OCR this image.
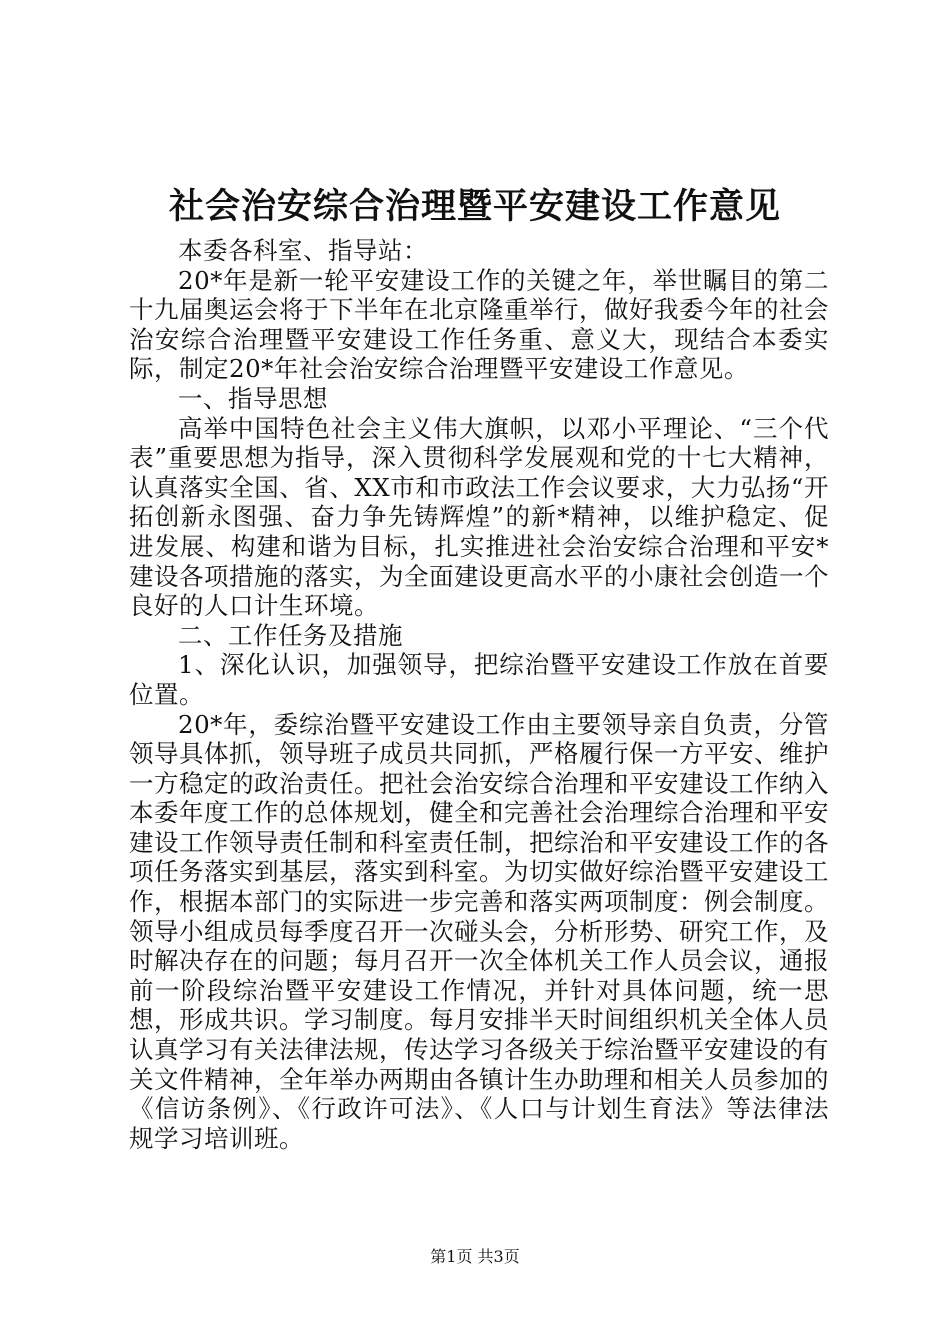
社会治安综合治理暨平安建设工作意见

本委各科室、指导站：

20*年是新一轮平安建设工作的关键之年，举世瞩目的第二十九届奥运会将于下半年在北京隆重举行，做好我委今年的社会治安综合治理暨平安建设工作任务重、意义大，现结合本委实际，制定20*年社会治安综合治理暨平安建设工作意见。

一、指导思想

高举中国特色社会主义伟大旗帜，以邓小平理论、“三个代表”重要思想为指导，深入贯彻科学发展观和党的十七大精神，认真落实全国、省、XX市和市政法工作会议要求，大力弘扬“开拓创新永图强、奋力争先铸辉煌”的新*精神，以维护稳定、促进发展、构建和谐为目标，扎实推进社会治安综合治理和平安*建设各项措施的落实，为全面建设更高水平的小康社会创造一个良好的人口计生环境。

二、工作任务及措施

1、深化认识，加强领导，把综治暨平安建设工作放在首要位置。

20*年，委综治暨平安建设工作由主要领导亲自负责，分管领导具体抓，领导班子成员共同抓，严格履行保一方平安、维护一方稳定的政治责任。把社会治安综合治理和平安建设工作纳入本委年度工作的总体规划，健全和完善社会治理综合治理和平安建设工作领导责任制和科室责任制，把综治和平安建设工作的各项任务落实到基层，落实到科室。为切实做好综治暨平安建设工作，根据本部门的实际进一步完善和落实两项制度：例会制度。领导小组成员每季度召开一次碰头会，分析形势、研究工作，及时解决存在的问题；每月召开一次全体机关工作人员会议，通报前一阶段综治暨平安建设工作情况，并针对具体问题，统一思想，形成共识。学习制度。每月安排半天时间组织机关全体人员认真学习有关法律法规，传达学习各级关于综治暨平安建设的有关文件精神，全年举办两期由各镇计生办助理和相关人员参加的《信访条例》、《行政许可法》、《人口与计划生育法》等法律法规学习培训班。

第1页 共3页
